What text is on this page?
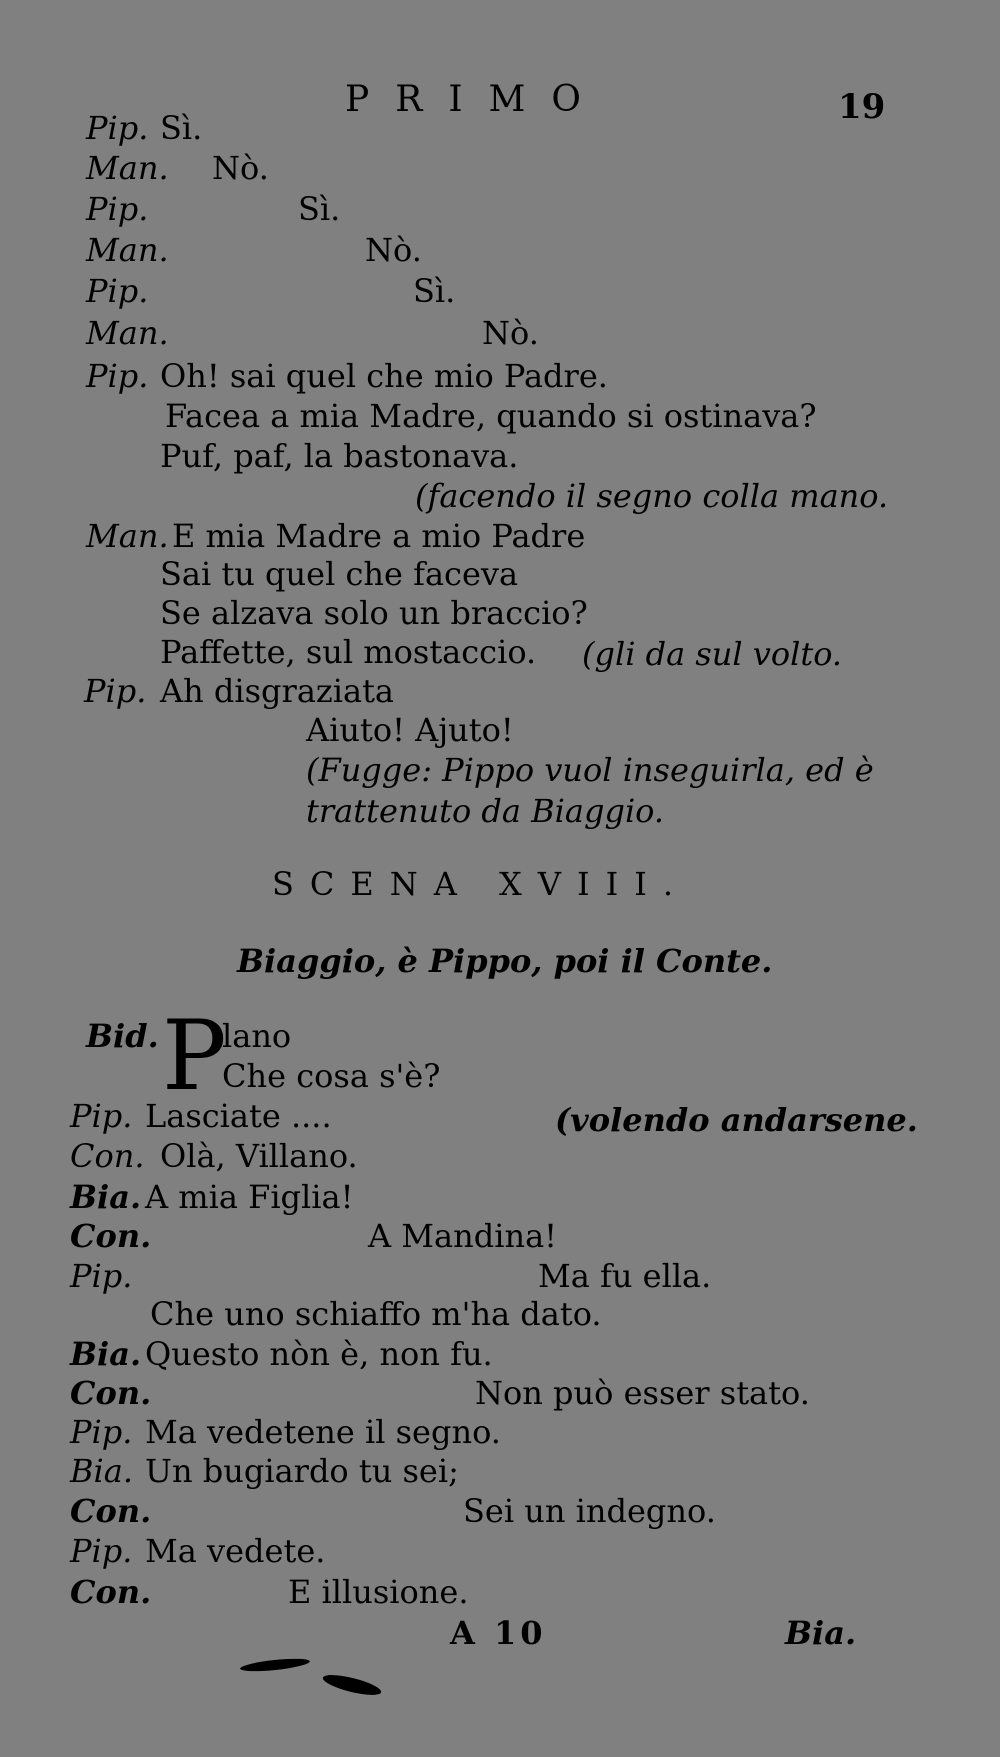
PRIMO	19
Pip. Sì.
Man. Nò.
Pip.	Sì.
Man.	Nò.
Pip.	Sì.
Man.	Nò.
Pip. Oh! sai quel che mio Padre.
Facea a mia Madre, quando si ostinava?
Puf, paf, la bastonava.
(facendo il segno colla mano.
Man. E mia Madre a mio Padre
Sai tu quel che faceva
Se alzava solo un braccio?
Paffette, sul mostaccio. (gli da sul volto.
Pip. Ah disgraziata
Aiuto! Ajuto!
(Fugge: Pippo vuol inseguirla, ed è
trattenuto da Biaggio.
SCENA XVIII.
Biaggio, è Pippo, poi il Conte.
Bid. P
lano
Che cosa s'è?
Pip. Lasciate ....	(volendo andarsene.
Con. Olà, Villano.
Bia. A mia Figlia!
Con.	A Mandina!
Pip.	Ma fu ella.
Che uno schiaffo m'ha dato.
Bia. Questo nòn è, non fu.
Con.	Non può esser stato.
Pip. Ma vedetene il segno.
Bia. Un bugiardo tu sei;
Con.	Sei un indegno.
Pip. Ma vedete.
Con.	E illusione.
A 10	Bia.
